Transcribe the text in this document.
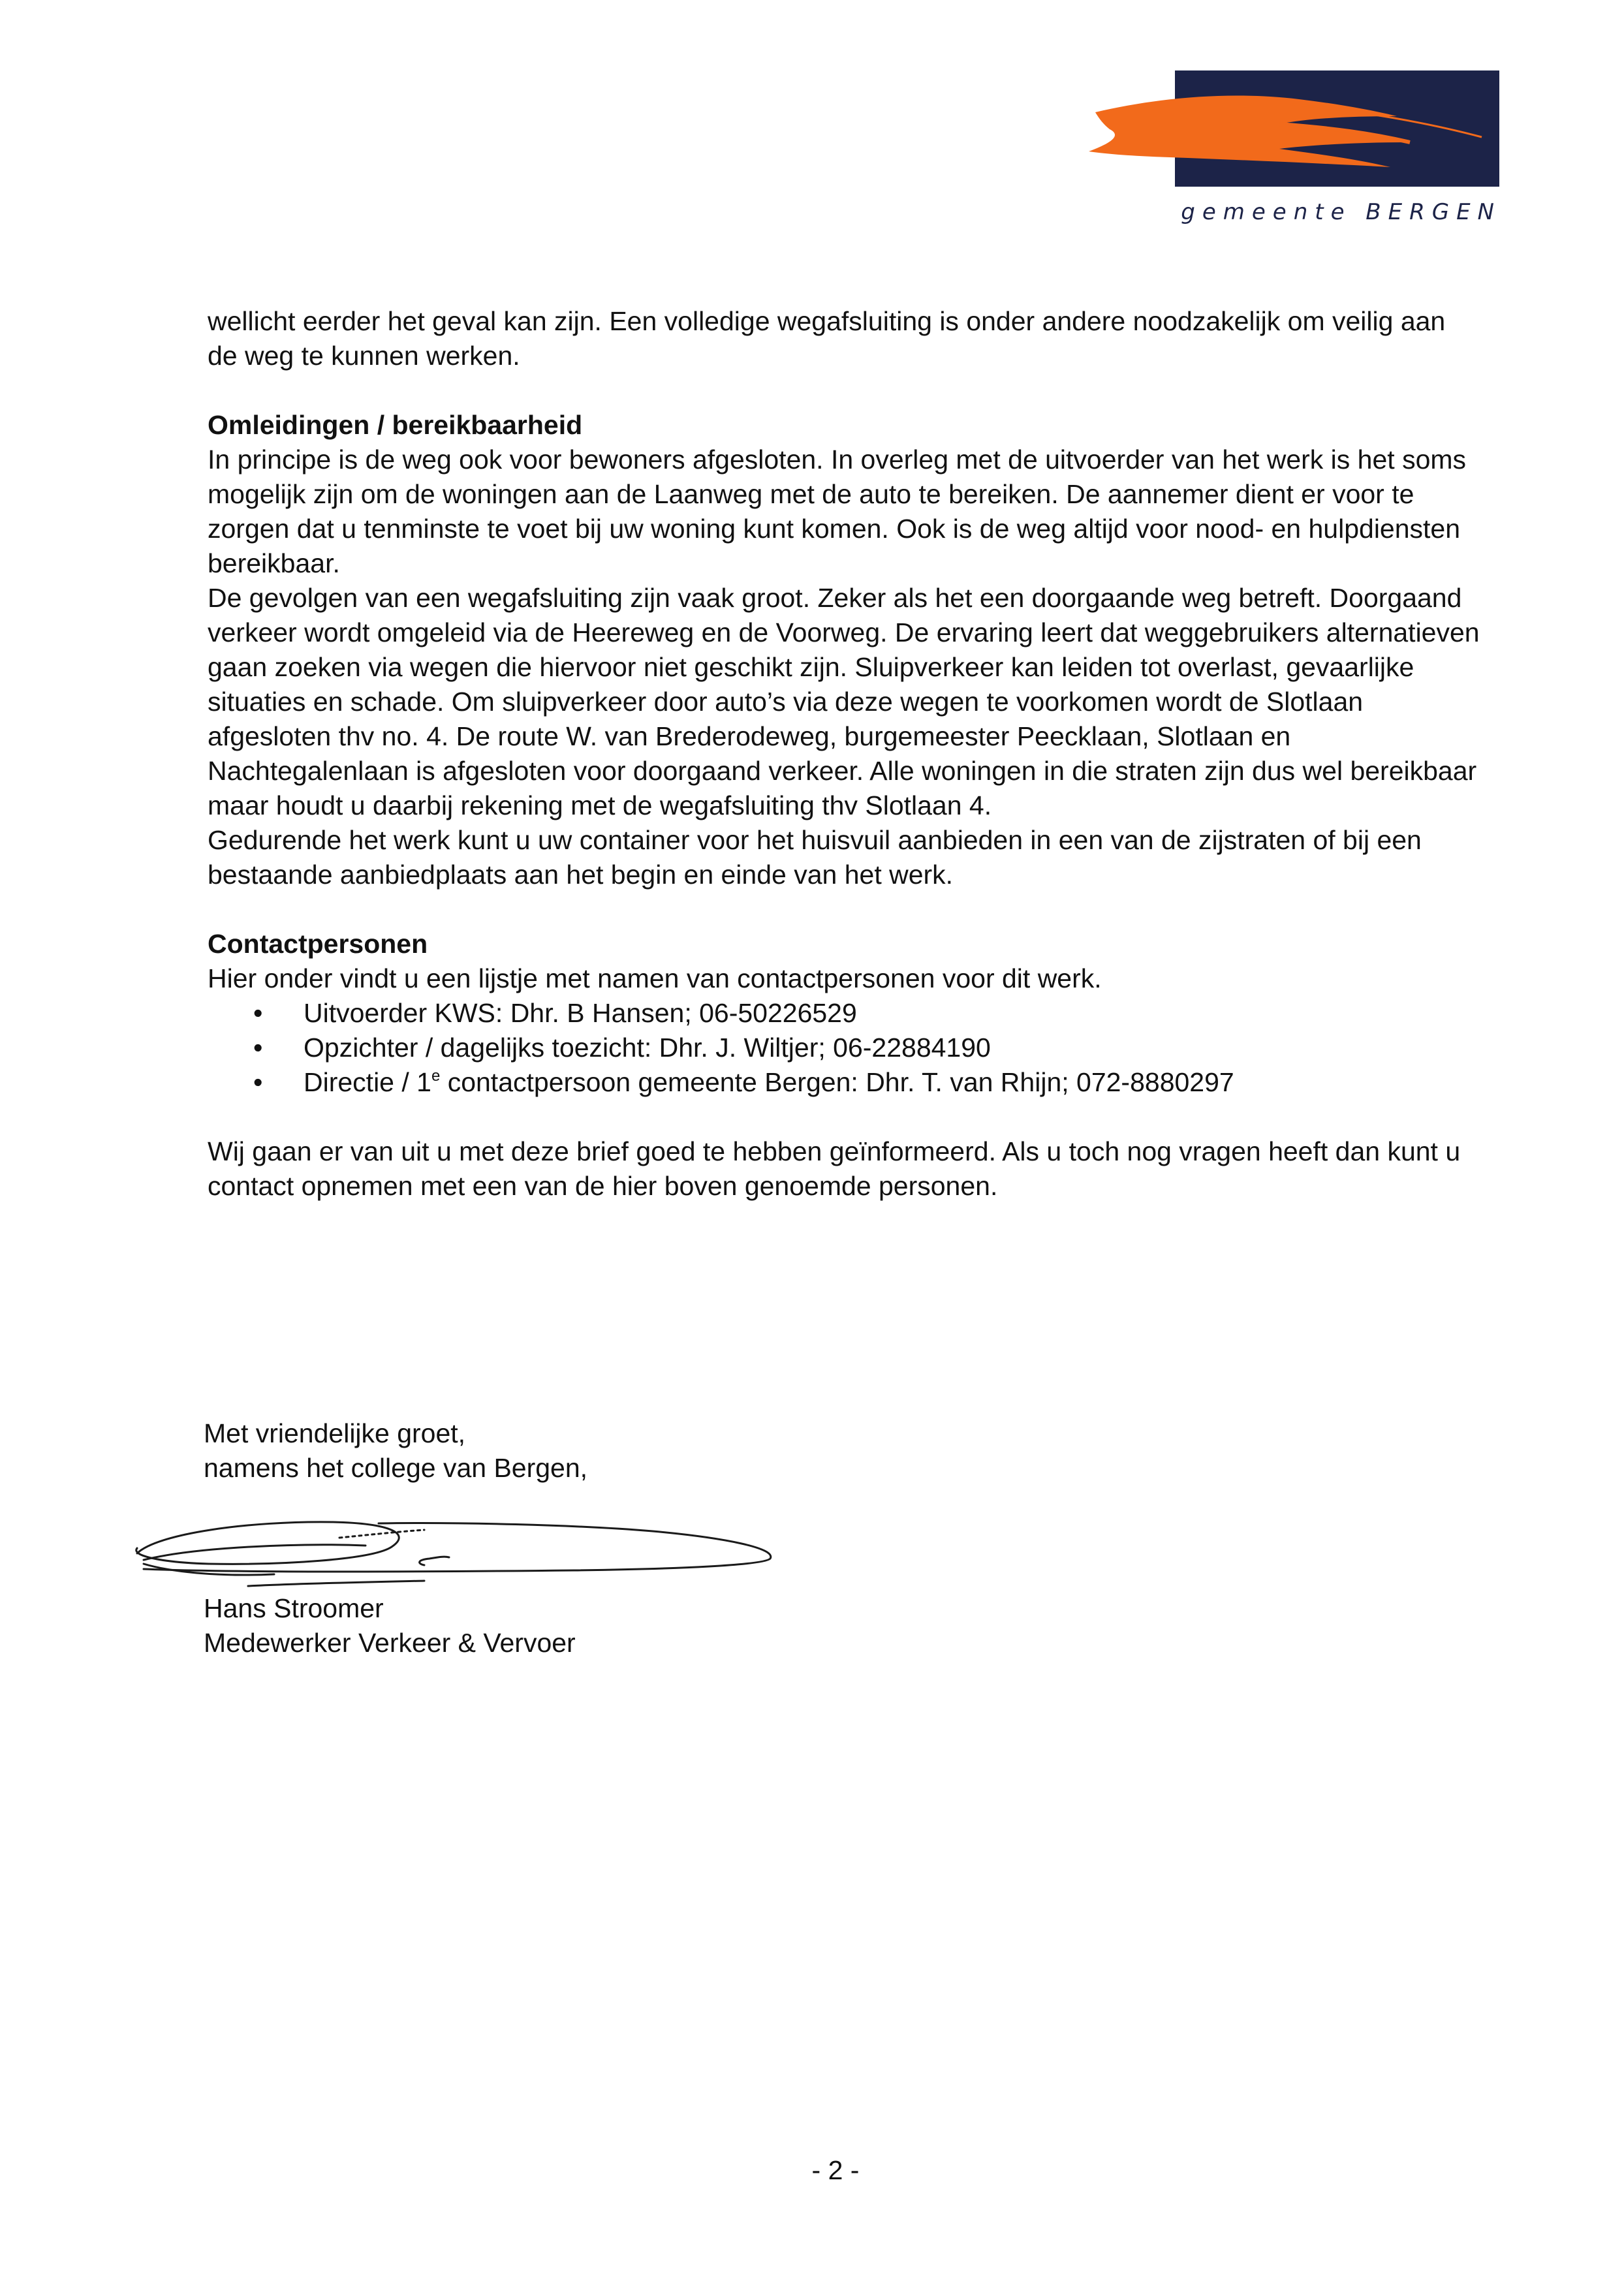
gemeente BERGEN

wellicht eerder het geval kan zijn. Een volledige wegafsluiting is onder andere noodzakelijk om veilig aan de weg te kunnen werken.

Omleidingen / bereikbaarheid

In principe is de weg ook voor bewoners afgesloten. In overleg met de uitvoerder van het werk is het soms mogelijk zijn om de woningen aan de Laanweg met de auto te bereiken. De aannemer dient er voor te zorgen dat u tenminste te voet bij uw woning kunt komen. Ook is de weg altijd voor nood- en hulpdiensten bereikbaar.

De gevolgen van een wegafsluiting zijn vaak groot. Zeker als het een doorgaande weg betreft. Doorgaand verkeer wordt omgeleid via de Heereweg en de Voorweg. De ervaring leert dat weggebruikers alternatieven gaan zoeken via wegen die hiervoor niet geschikt zijn. Sluipverkeer kan leiden tot overlast, gevaarlijke situaties en schade. Om sluipverkeer door auto’s via deze wegen te voorkomen wordt de Slotlaan afgesloten thv no. 4. De route W. van Brederodeweg, burgemeester Peecklaan, Slotlaan en Nachtegalenlaan is afgesloten voor doorgaand verkeer. Alle woningen in die straten zijn dus wel bereikbaar maar houdt u daarbij rekening met de wegafsluiting thv Slotlaan 4.

Gedurende het werk kunt u uw container voor het huisvuil aanbieden in een van de zijstraten of bij een bestaande aanbiedplaats aan het begin en einde van het werk.

Contactpersonen

Hier onder vindt u een lijstje met namen van contactpersonen voor dit werk.

• Uitvoerder KWS: Dhr. B Hansen; 06-50226529
• Opzichter / dagelijks toezicht: Dhr. J. Wiltjer; 06-22884190
• Directie / 1e contactpersoon gemeente Bergen: Dhr. T. van Rhijn; 072-8880297

Wij gaan er van uit u met deze brief goed te hebben geïnformeerd. Als u toch nog vragen heeft dan kunt u contact opnemen met een van de hier boven genoemde personen.

Met vriendelijke groet,

namens het college van Bergen,

Hans Stroomer

Medewerker Verkeer & Vervoer

- 2 -
